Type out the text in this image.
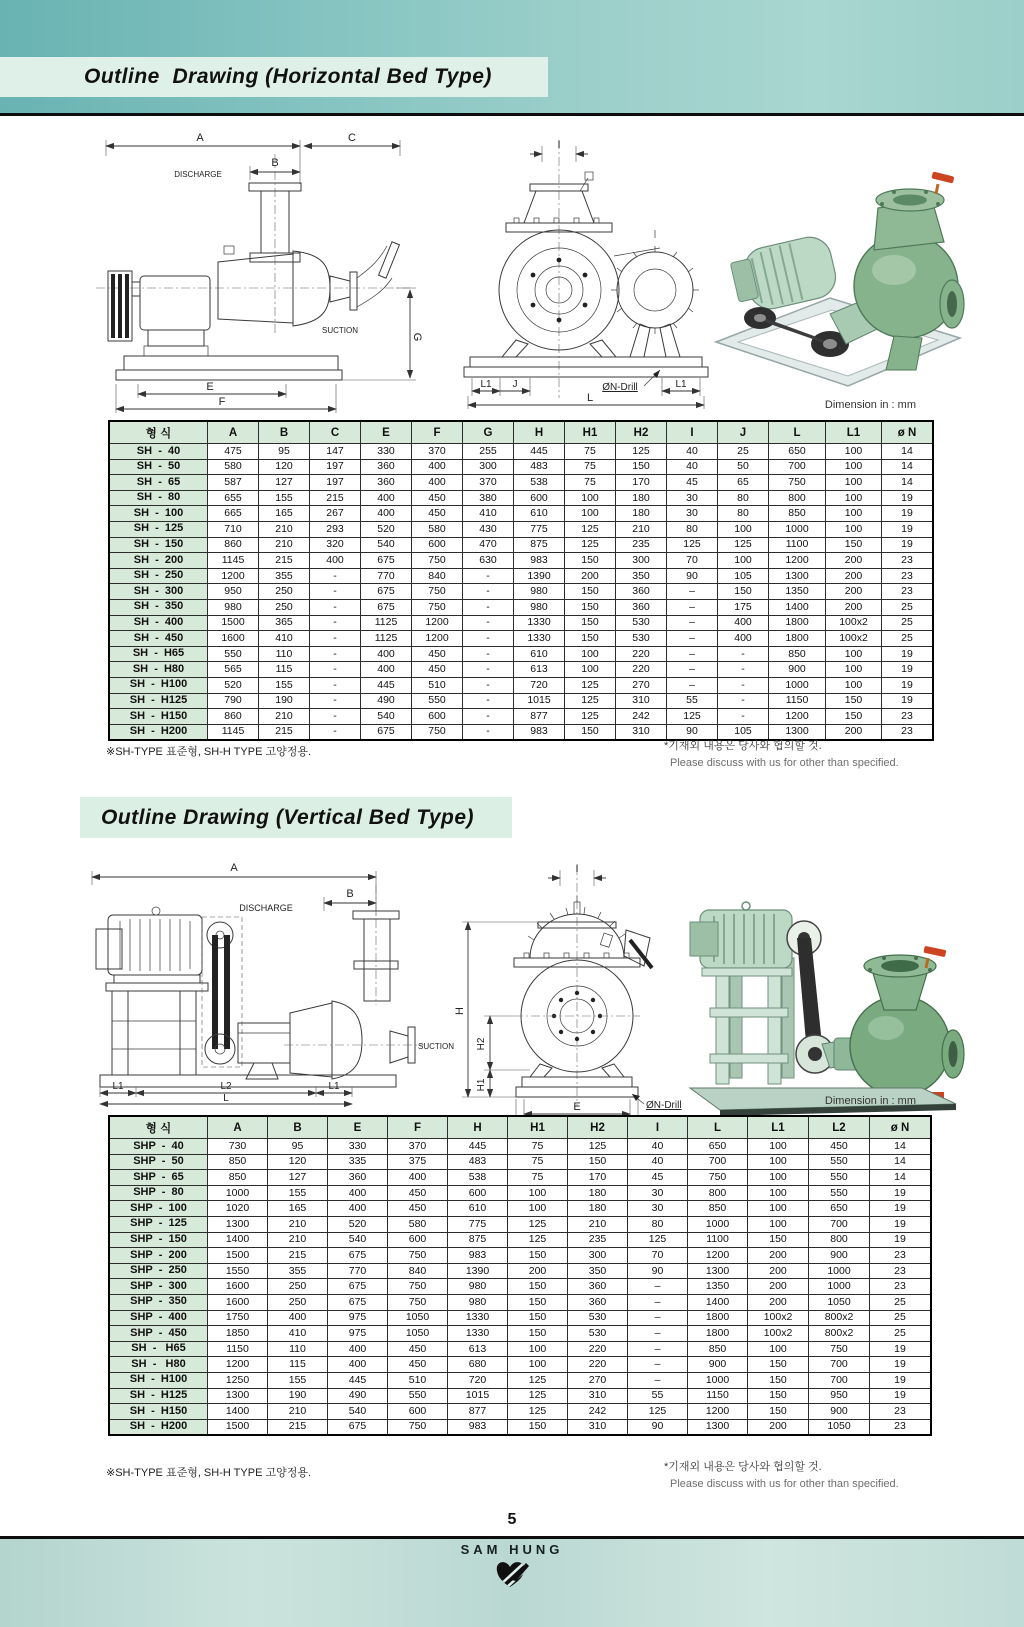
Outline  Drawing (Horizontal Bed Type)
A	C
B
DISCHARGE
SUCTION
G
E
F
I
L1 J	ØN-Drill	L1
L
Dimension in : mm
형 식	A	B	C	E	F	G	H	H1	H2	I	J	L	L1	ø N
SH  -  40	475	95	147	330	370	255	445	75	125	40	25	650	100	14
SH  -  50	580	120	197	360	400	300	483	75	150	40	50	700	100	14
SH  -  65	587	127	197	360	400	370	538	75	170	45	65	750	100	14
SH  -  80	655	155	215	400	450	380	600	100	180	30	80	800	100	19
SH  -  100	665	165	267	400	450	410	610	100	180	30	80	850	100	19
SH  -  125	710	210	293	520	580	430	775	125	210	80	100	1000	100	19
SH  -  150	860	210	320	540	600	470	875	125	235	125	125	1100	150	19
SH  -  200	1145	215	400	675	750	630	983	150	300	70	100	1200	200	23
SH  -  250	1200	355	-	770	840	-	1390	200	350	90	105	1300	200	23
SH  -  300	950	250	-	675	750	-	980	150	360	–	150	1350	200	23
SH  -  350	980	250	-	675	750	-	980	150	360	–	175	1400	200	25
SH  -  400	1500	365	-	1125	1200	-	1330	150	530	–	400	1800	100x2	25
SH  -  450	1600	410	-	1125	1200	-	1330	150	530	–	400	1800	100x2	25
SH  -  H65	550	110	-	400	450	-	610	100	220	–	-	850	100	19
SH  -  H80	565	115	-	400	450	-	613	100	220	–	-	900	100	19
SH  -  H100	520	155	-	445	510	-	720	125	270	–	-	1000	100	19
SH  -  H125	790	190	-	490	550	-	1015	125	310	55	-	1150	150	19
SH  -  H150	860	210	-	540	600	-	877	125	242	125	-	1200	150	23
SH  -  H200	1145	215	-	675	750	-	983	150	310	90	105	1300	200	23
※SH-TYPE 표준형, SH-H TYPE 고양정용.	*기재외 내용은 당사와 협의할 것.
Please discuss with us for other than specified.
Outline Drawing (Vertical Bed Type)
A
B
DISCHARGE
SUCTION
L1	L2	L1
L
I
H
H2
H1
E	ØN-Drill	Dimension in : mm
형 식	A	B	E	F	H	H1	H2	I	L	L1	L2	ø N
SHP  -  40	730	95	330	370	445	75	125	40	650	100	450	14
SHP  -  50	850	120	335	375	483	75	150	40	700	100	550	14
SHP  -  65	850	127	360	400	538	75	170	45	750	100	550	14
SHP  -  80	1000	155	400	450	600	100	180	30	800	100	550	19
SHP  -  100	1020	165	400	450	610	100	180	30	850	100	650	19
SHP  -  125	1300	210	520	580	775	125	210	80	1000	100	700	19
SHP  -  150	1400	210	540	600	875	125	235	125	1100	150	800	19
SHP  -  200	1500	215	675	750	983	150	300	70	1200	200	900	23
SHP  -  250	1550	355	770	840	1390	200	350	90	1300	200	1000	23
SHP  -  300	1600	250	675	750	980	150	360	–	1350	200	1000	23
SHP  -  350	1600	250	675	750	980	150	360	–	1400	200	1050	25
SHP  -  400	1750	400	975	1050	1330	150	530	–	1800	100x2	800x2	25
SHP  -  450	1850	410	975	1050	1330	150	530	–	1800	100x2	800x2	25
SH  -   H65	1150	110	400	450	613	100	220	–	850	100	750	19
SH  -   H80	1200	115	400	450	680	100	220	–	900	150	700	19
SH  -  H100	1250	155	445	510	720	125	270	–	1000	150	700	19
SH  -  H125	1300	190	490	550	1015	125	310	55	1150	150	950	19
SH  -  H150	1400	210	540	600	877	125	242	125	1200	150	900	23
SH  -  H200	1500	215	675	750	983	150	310	90	1300	200	1050	23
※SH-TYPE 표준형, SH-H TYPE 고양정용.	*기재외 내용은 당사와 협의할 것.
Please discuss with us for other than specified.
5
SAM HUNG
